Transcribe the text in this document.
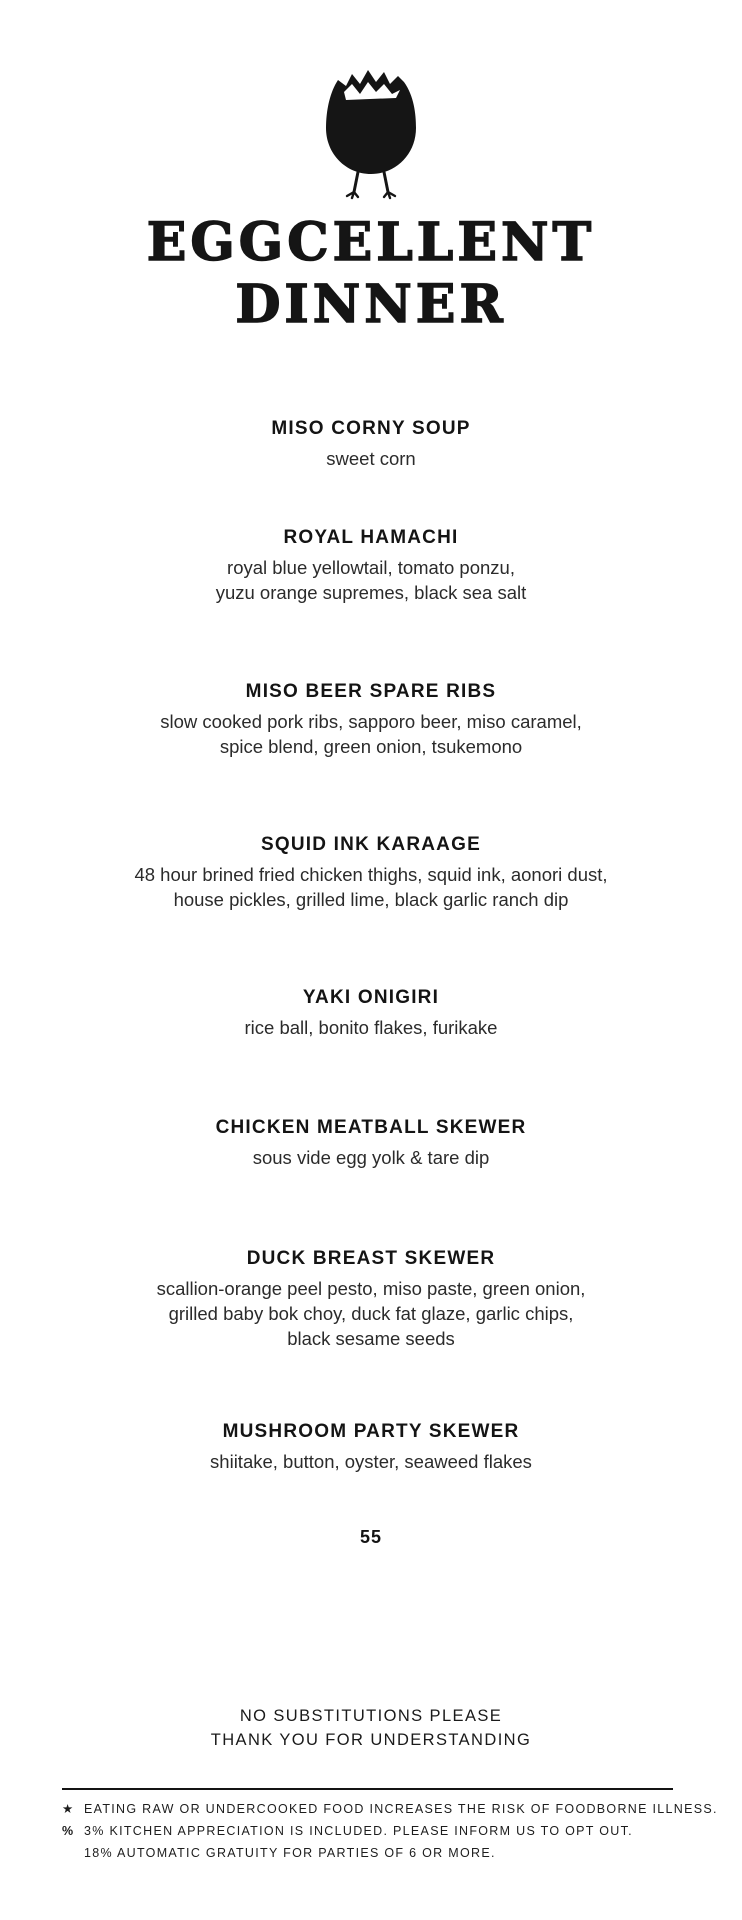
EGGCELLENT
DINNER
MISO CORNY SOUP
sweet corn
ROYAL HAMACHI
royal blue yellowtail, tomato ponzu,
yuzu orange supremes, black sea salt
MISO BEER SPARE RIBS
slow cooked pork ribs, sapporo beer, miso caramel,
spice blend, green onion, tsukemono
SQUID INK KARAAGE
48 hour brined fried chicken thighs, squid ink, aonori dust,
house pickles, grilled lime, black garlic ranch dip
YAKI ONIGIRI
rice ball, bonito flakes, furikake
CHICKEN MEATBALL SKEWER
sous vide egg yolk & tare dip
DUCK BREAST SKEWER
scallion-orange peel pesto, miso paste, green onion,
grilled baby bok choy, duck fat glaze, garlic chips,
black sesame seeds
MUSHROOM PARTY SKEWER
shiitake, button, oyster, seaweed flakes
55
NO SUBSTITUTIONS PLEASE
THANK YOU FOR UNDERSTANDING
★ EATING RAW OR UNDERCOOKED FOOD INCREASES THE RISK OF FOODBORNE ILLNESS.
% 3% KITCHEN APPRECIATION IS INCLUDED. PLEASE INFORM US TO OPT OUT.
18% AUTOMATIC GRATUITY FOR PARTIES OF 6 OR MORE.
